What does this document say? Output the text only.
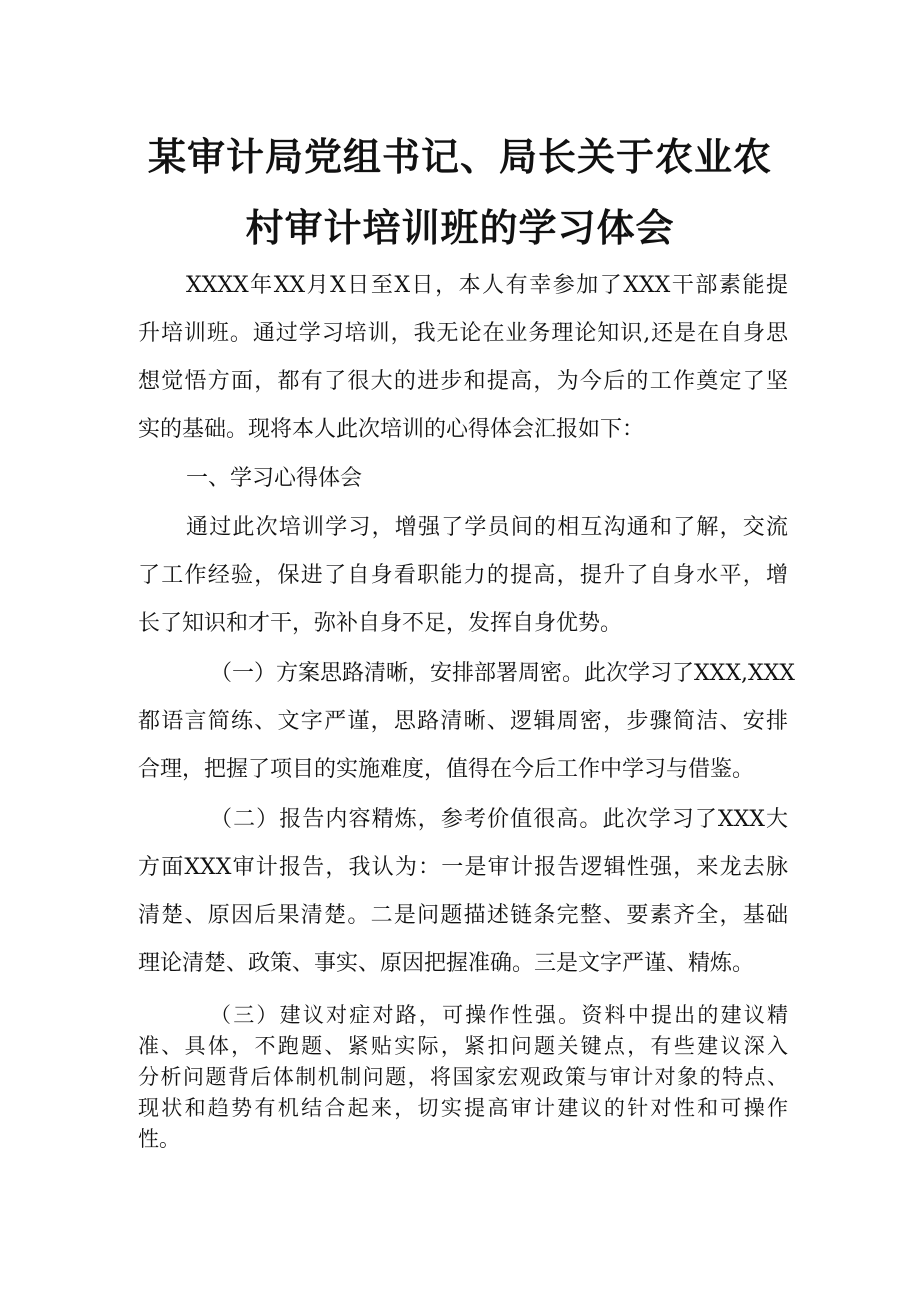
某审计局党组书记、局长关于农业农
村审计培训班的学习体会
XXXX年XX月X日至X日，本人有幸参加了XXX干部素能提
升培训班。通过学习培训，我无论在业务理论知识,还是在自身思
想觉悟方面，都有了很大的进步和提高，为今后的工作奠定了坚
实的基础。现将本人此次培训的心得体会汇报如下：
一、学习心得体会
通过此次培训学习，增强了学员间的相互沟通和了解，交流
了工作经验，保进了自身看职能力的提高，提升了自身水平，增
长了知识和才干，弥补自身不足，发挥自身优势。
（一）方案思路清晰，安排部署周密。此次学习了XXX,XXX
都语言简练、文字严谨，思路清晰、逻辑周密，步骤简洁、安排
合理，把握了项目的实施难度，值得在今后工作中学习与借鉴。
（二）报告内容精炼，参考价值很高。此次学习了XXX大
方面XXX审计报告，我认为：一是审计报告逻辑性强，来龙去脉
清楚、原因后果清楚。二是问题描述链条完整、要素齐全，基础
理论清楚、政策、事实、原因把握准确。三是文字严谨、精炼。
（三）建议对症对路，可操作性强。资料中提出的建议精
准、具体，不跑题、紧贴实际，紧扣问题关键点，有些建议深入
分析问题背后体制机制问题，将国家宏观政策与审计对象的特点、
现状和趋势有机结合起来，切实提高审计建议的针对性和可操作
性。
